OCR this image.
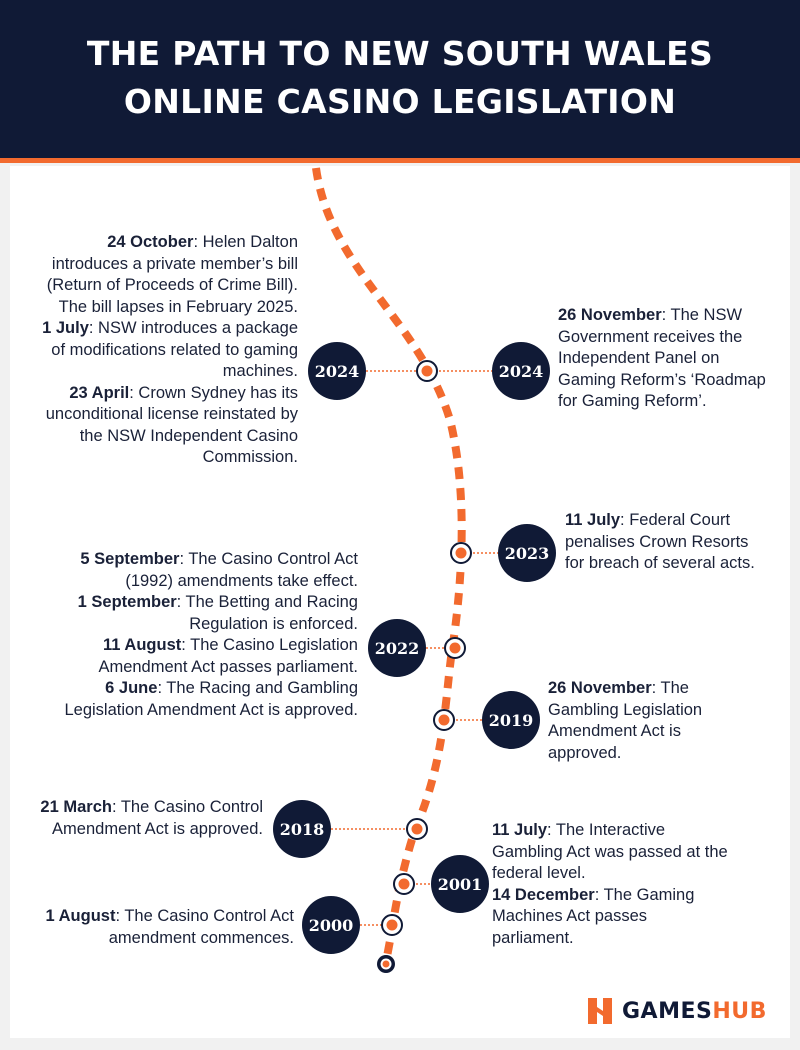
THE PATH TO NEW SOUTH WALES
ONLINE CASINO LEGISLATION
2024	2024
2023
2022
2019
2018
2001
2000
24 October: Helen Dalton introduces a private member’s bill (Return of Proceeds of Crime Bill). The bill lapses in February 2025.
1 July: NSW introduces a package of modifications related to gaming machines.
23 April: Crown Sydney has its unconditional license reinstated by the NSW Independent Casino Commission.
26 November: The NSW Government receives the Independent Panel on Gaming Reform’s ‘Roadmap for Gaming Reform’.
11 July: Federal Court penalises Crown Resorts for breach of several acts.
5 September: The Casino Control Act (1992) amendments take effect.
1 September: The Betting and Racing Regulation is enforced.
11 August: The Casino Legislation Amendment Act passes parliament.
6 June: The Racing and Gambling Legislation Amendment Act is approved.
26 November: The Gambling Legislation Amendment Act is approved.
21 March: The Casino Control Amendment Act is approved.	11 July: The Interactive Gambling Act was passed at the federal level.
14 December: The Gaming Machines Act passes parliament.
1 August: The Casino Control Act amendment commences.
GAMESHUB
